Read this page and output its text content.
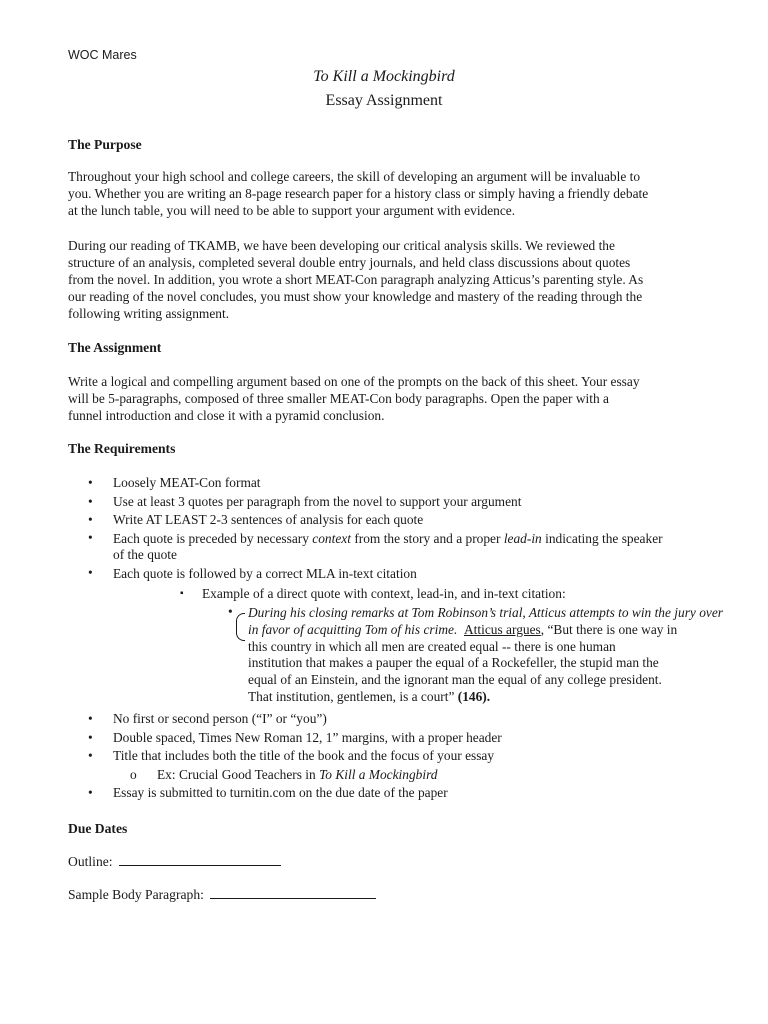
WOC Mares
To Kill a Mockingbird
Essay Assignment
The Purpose
Throughout your high school and college careers, the skill of developing an argument will be invaluable to
you. Whether you are writing an 8-page research paper for a history class or simply having a friendly debate
at the lunch table, you will need to be able to support your argument with evidence.
During our reading of TKAMB, we have been developing our critical analysis skills. We reviewed the
structure of an analysis, completed several double entry journals, and held class discussions about quotes
from the novel. In addition, you wrote a short MEAT-Con paragraph analyzing Atticus’s parenting style. As
our reading of the novel concludes, you must show your knowledge and mastery of the reading through the
following writing assignment.
The Assignment
Write a logical and compelling argument based on one of the prompts on the back of this sheet. Your essay
will be 5-paragraphs, composed of three smaller MEAT-Con body paragraphs. Open the paper with a
funnel introduction and close it with a pyramid conclusion.
The Requirements
• Loosely MEAT-Con format
• Use at least 3 quotes per paragraph from the novel to support your argument
• Write AT LEAST 2-3 sentences of analysis for each quote
• Each quote is preceded by necessary context from the story and a proper lead-in indicating the speaker
of the quote
• Each quote is followed by a correct MLA in-text citation
▪ Example of a direct quote with context, lead-in, and in-text citation:
• During his closing remarks at Tom Robinson’s trial, Atticus attempts to win the jury over
in favor of acquitting Tom of his crime. Atticus argues, “But there is one way in
this country in which all men are created equal -- there is one human
institution that makes a pauper the equal of a Rockefeller, the stupid man the
equal of an Einstein, and the ignorant man the equal of any college president.
That institution, gentlemen, is a court” (146).
• No first or second person (“I” or “you”)
• Double spaced, Times New Roman 12, 1” margins, with a proper header
• Title that includes both the title of the book and the focus of your essay
o Ex: Crucial Good Teachers in To Kill a Mockingbird
• Essay is submitted to turnitin.com on the due date of the paper
Due Dates
Outline:
Sample Body Paragraph:
